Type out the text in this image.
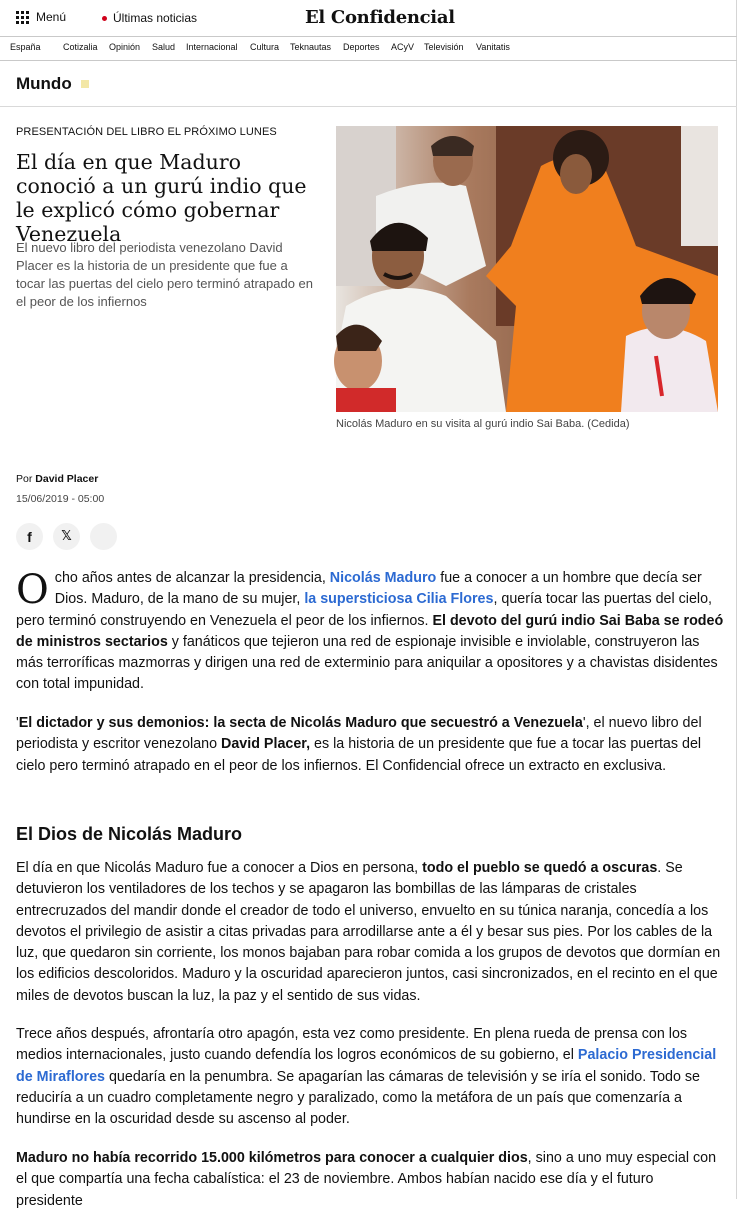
Menú	Últimas noticias	El Confidencial
España Cotizalia Opinión Salud Internacional Cultura Teknautas Deportes ACyV Televisión Vanitatis
Mundo
PRESENTACIÓN DEL LIBRO EL PRÓXIMO LUNES
El día en que Maduro conoció a un gurú indio que le explicó cómo gobernar Venezuela

El nuevo libro del periodista venezolano David Placer es la historia de un presidente que fue a tocar las puertas del cielo pero terminó atrapado en el peor de los infiernos

Nicolás Maduro en su visita al gurú indio Sai Baba. (Cedida)
Por David Placer
15/06/2019 - 05:00
f 𝕏

Ocho años antes de alcanzar la presidencia, Nicolás Maduro fue a conocer a un hombre que decía ser Dios. Maduro, de la mano de su mujer, la supersticiosa Cilia Flores, quería tocar las puertas del cielo, pero terminó construyendo en Venezuela el peor de los infiernos. El devoto del gurú indio Sai Baba se rodeó de ministros sectarios y fanáticos que tejieron una red de espionaje invisible e inviolable, construyeron las más terroríficas mazmorras y dirigen una red de exterminio para aniquilar a opositores y a chavistas disidentes con total impunidad.

'El dictador y sus demonios: la secta de Nicolás Maduro que secuestró a Venezuela', el nuevo libro del periodista y escritor venezolano David Placer, es la historia de un presidente que fue a tocar las puertas del cielo pero terminó atrapado en el peor de los infiernos. El Confidencial ofrece un extracto en exclusiva.

El Dios de Nicolás Maduro

El día en que Nicolás Maduro fue a conocer a Dios en persona, todo el pueblo se quedó a oscuras. Se detuvieron los ventiladores de los techos y se apagaron las bombillas de las lámparas de cristales entrecruzados del mandir donde el creador de todo el universo, envuelto en su túnica naranja, concedía a los devotos el privilegio de asistir a citas privadas para arrodillarse ante a él y besar sus pies. Por los cables de la luz, que quedaron sin corriente, los monos bajaban para robar comida a los grupos de devotos que dormían en los edificios descoloridos. Maduro y la oscuridad aparecieron juntos, casi sincronizados, en el recinto en el que miles de devotos buscan la luz, la paz y el sentido de sus vidas.

Trece años después, afrontaría otro apagón, esta vez como presidente. En plena rueda de prensa con los medios internacionales, justo cuando defendía los logros económicos de su gobierno, el Palacio Presidencial de Miraflores quedaría en la penumbra. Se apagarían las cámaras de televisión y se iría el sonido. Todo se reduciría a un cuadro completamente negro y paralizado, como la metáfora de un país que comenzaría a hundirse en la oscuridad desde su ascenso al poder.

Maduro no había recorrido 15.000 kilómetros para conocer a cualquier dios, sino a uno muy especial con el que compartía una fecha cabalística: el 23 de noviembre. Ambos habían nacido ese día y el futuro presidente
